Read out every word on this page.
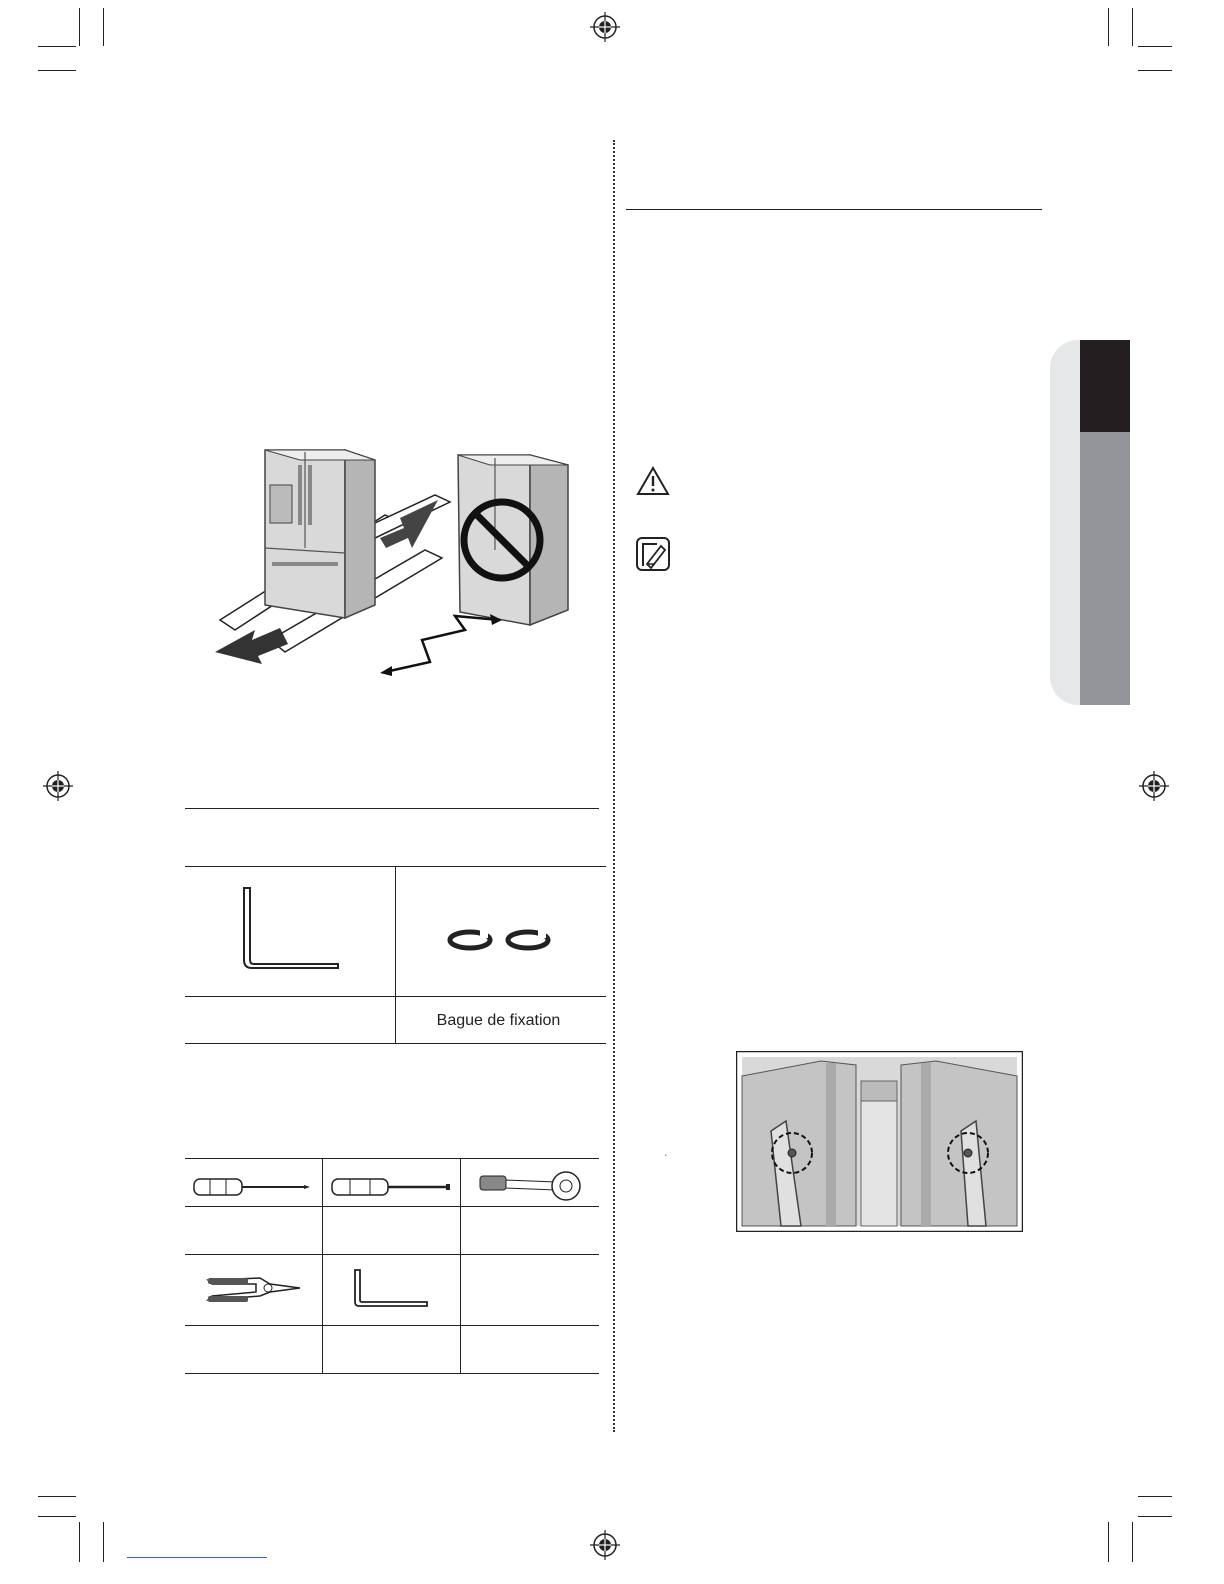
Bague de fixation
ʻ
